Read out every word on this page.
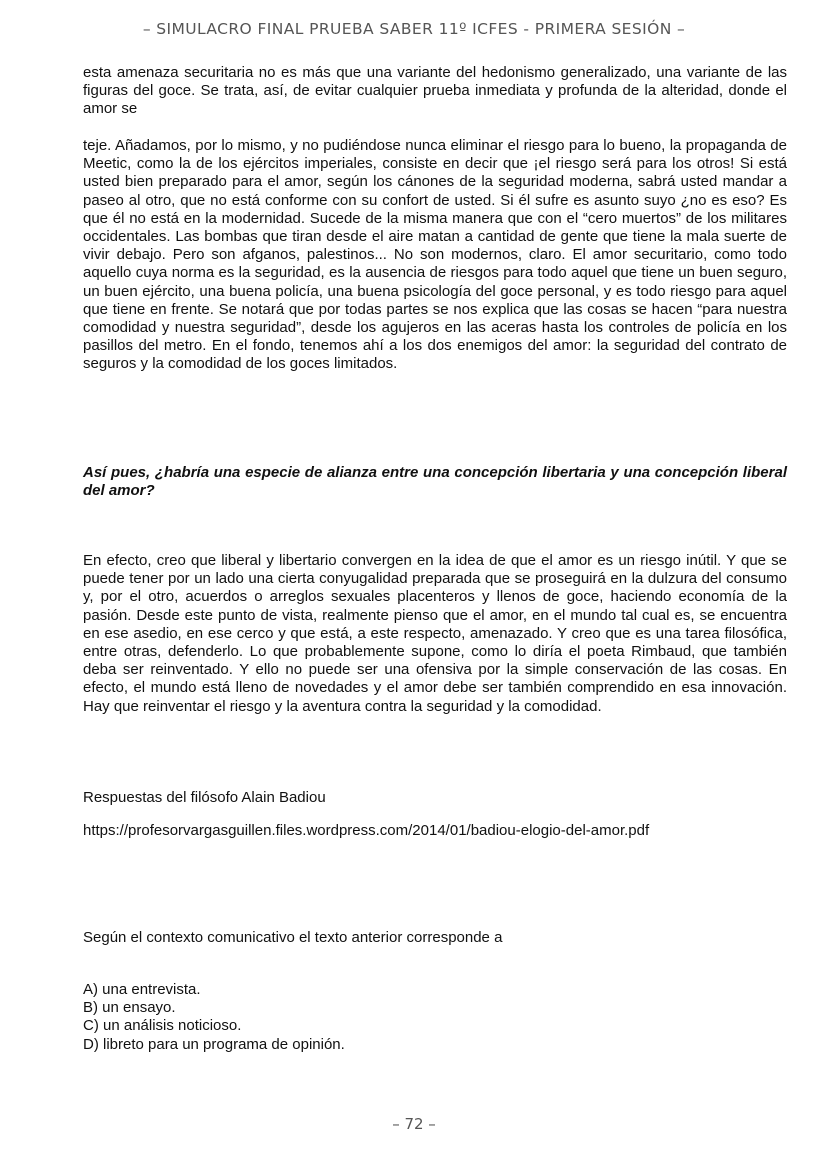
– SIMULACRO FINAL PRUEBA SABER 11º ICFES - PRIMERA SESIÓN –

esta amenaza securitaria no es más que una variante del hedonismo generalizado, una variante de las figuras del goce. Se trata, así, de evitar cualquier prueba inmediata y profunda de la alteridad, donde el amor se

teje. Añadamos, por lo mismo, y no pudiéndose nunca eliminar el riesgo para lo bueno, la propaganda de Meetic, como la de los ejércitos imperiales, consiste en decir que ¡el riesgo será para los otros! Si está usted bien preparado para el amor, según los cánones de la seguridad moderna, sabrá usted mandar a paseo al otro, que no está conforme con su confort de usted. Si él sufre es asunto suyo ¿no es eso? Es que él no está en la modernidad. Sucede de la misma manera que con el “cero muertos” de los militares occidentales. Las bombas que tiran desde el aire matan a cantidad de gente que tiene la mala suerte de vivir debajo. Pero son afganos, palestinos... No son modernos, claro. El amor securitario, como todo aquello cuya norma es la seguridad, es la ausencia de riesgos para todo aquel que tiene un buen seguro, un buen ejército, una buena policía, una buena psicología del goce personal, y es todo riesgo para aquel que tiene en frente. Se notará que por todas partes se nos explica que las cosas se hacen “para nuestra comodidad y nuestra seguridad”, desde los agujeros en las aceras hasta los controles de policía en los pasillos del metro. En el fondo, tenemos ahí a los dos enemigos del amor: la seguridad del contrato de seguros y la comodidad de los goces limitados.

Así pues, ¿habría una especie de alianza entre una concepción libertaria y una concepción liberal del amor?

En efecto, creo que liberal y libertario convergen en la idea de que el amor es un riesgo inútil. Y que se puede tener por un lado una cierta conyugalidad preparada que se proseguirá en la dulzura del consumo y, por el otro, acuerdos o arreglos sexuales placenteros y llenos de goce, haciendo economía de la pasión. Desde este punto de vista, realmente pienso que el amor, en el mundo tal cual es, se encuentra en ese asedio, en ese cerco y que está, a este respecto, amenazado. Y creo que es una tarea filosófica, entre otras, defenderlo. Lo que probablemente supone, como lo diría el poeta Rimbaud, que también deba ser reinventado. Y ello no puede ser una ofensiva por la simple conservación de las cosas. En efecto, el mundo está lleno de novedades y el amor debe ser también comprendido en esa innovación. Hay que reinventar el riesgo y la aventura contra la seguridad y la comodidad.

Respuestas del filósofo Alain Badiou

https://profesorvargasguillen.files.wordpress.com/2014/01/badiou-elogio-del-amor.pdf

Según el contexto comunicativo el texto anterior corresponde a

A) una entrevista.
B) un ensayo.
C) un análisis noticioso.
D) libreto para un programa de opinión.
– 72 –
